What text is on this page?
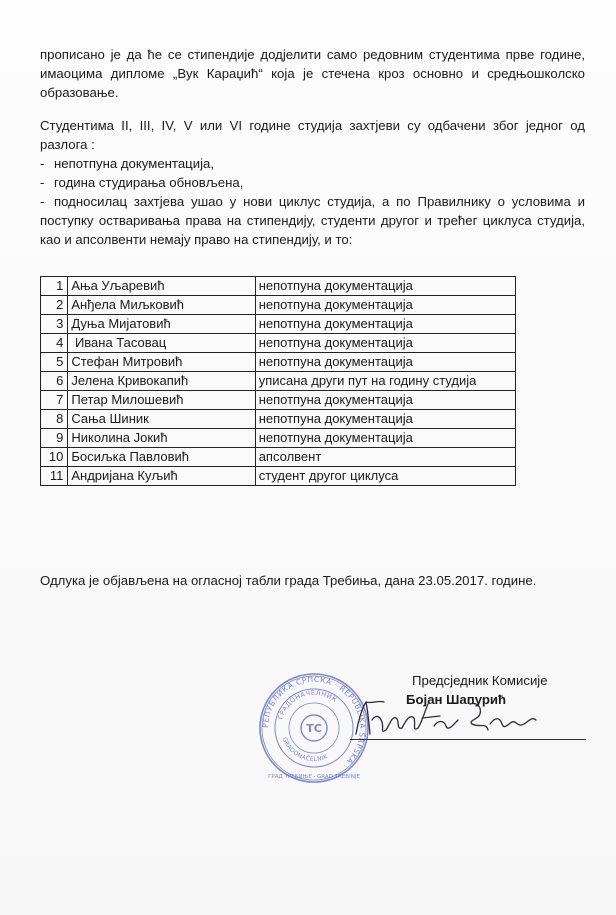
прописано је да ће се стипендије додјелити само редовним студентима прве године, имаоцима дипломе „Вук Караџић“ која је стечена кроз основно и средњошколско образовање.

Студентима II, III, IV, V или VI године студија захтјеви су одбачени због једног од разлога :

- непотпуна документација,
- година студирања обновљена,
- подносилац захтјева ушао у нови циклус студија, а по Правилнику о условима и поступку остваривања права на стипендију, студенти другог и трећег циклуса студија, као и апсолвенти немају право на стипендију, и то:
1	Ања Уљаревић	непотпуна документација
2	Анђела Миљковић	непотпуна документација
3	Дуња Мијатовић	непотпуна документација
4	Ивана Тасовац	непотпуна документација
5	Стефан Митровић	непотпуна документација
6	Јелена Кривокапић	уписана други пут на годину студија
7	Петар Милошевић	непотпуна документација
8	Сања Шиник	непотпуна документација
9	Николина Јокић	непотпуна документација
10	Босиљка Павловић	апсолвент
11	Андријана Куљић	студент другог циклуса

Одлука је објављена на огласној табли града Требиња, дана 23.05.2017. године.

РЕПУБЛИКА СРПСКА · REPUBLIKA SRPSKA ·
ГРАДОНАЧЕЛНИК
GRADONAČELNIK
TC
ГРАД ТРЕБИЊЕ · GRAD TREBINJE
Предсједник Комисије
Бојан Шапурић
